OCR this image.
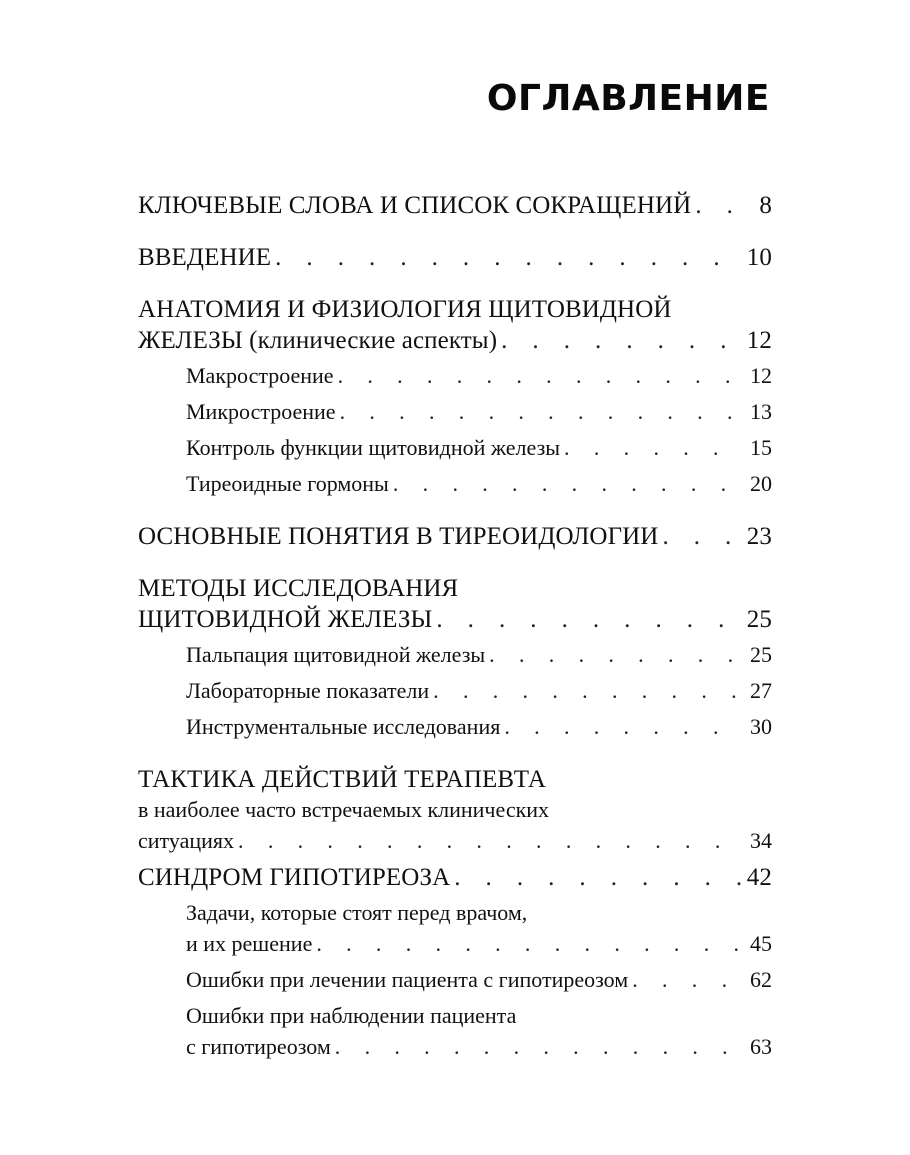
ОГЛАВЛЕНИЕ
КЛЮЧЕВЫЕ СЛОВА И СПИСОК СОКРАЩЕНИЙ . . .	8
ВВЕДЕНИЕ . . .	10
АНАТОМИЯ И ФИЗИОЛОГИЯ ЩИТОВИДНОЙ
ЖЕЛЕЗЫ (клинические аспекты) . . .	12
Макростроение . . .	12
Микростроение . . .	13
Контроль функции щитовидной железы . . .	15
Тиреоидные гормоны . . .	20
ОСНОВНЫЕ ПОНЯТИЯ В ТИРЕОИДОЛОГИИ . . .	23
МЕТОДЫ ИССЛЕДОВАНИЯ
ЩИТОВИДНОЙ ЖЕЛЕЗЫ . . .	25
Пальпация щитовидной железы . . .	25
Лабораторные показатели . . .	27
Инструментальные исследования . . .	30
ТАКТИКА ДЕЙСТВИЙ ТЕРАПЕВТА
в наиболее часто встречаемых клинических
ситуациях . . .	34
СИНДРОМ ГИПОТИРЕОЗА . . .	42
Задачи, которые стоят перед врачом,
и их решение . . .	45
Ошибки при лечении пациента с гипотиреозом . . .	62
Ошибки при наблюдении пациента
с гипотиреозом . . .	63
